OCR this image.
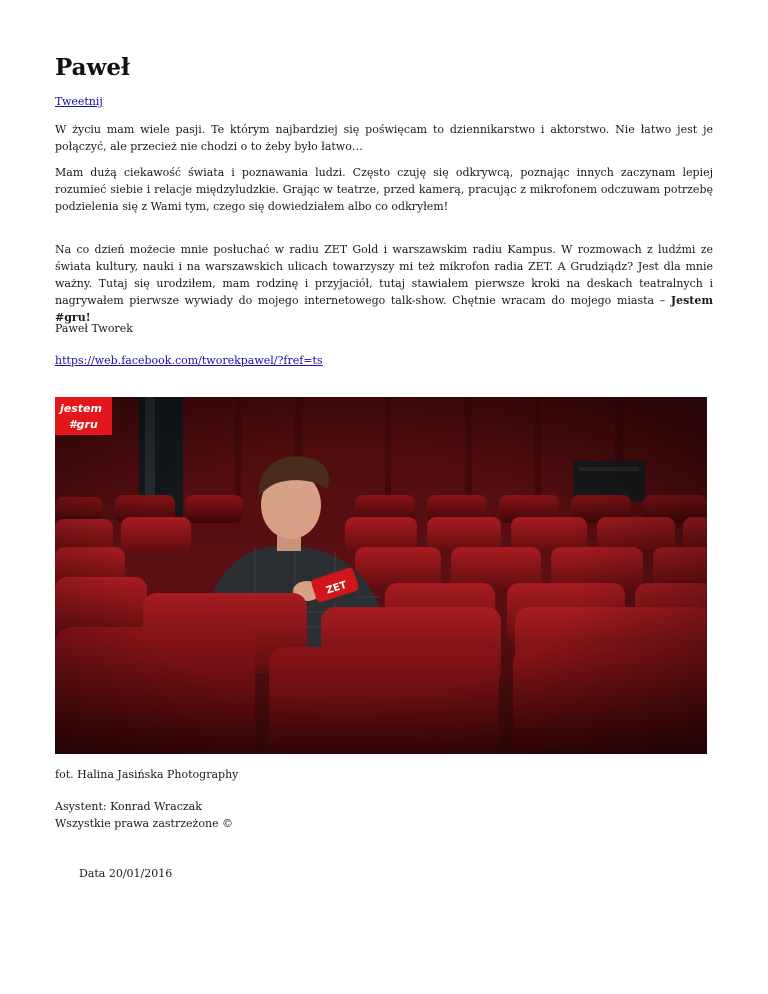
Paweł
Tweetnij

W życiu mam wiele pasji. Te którym najbardziej się poświęcam to dziennikarstwo i aktorstwo. Nie łatwo jest je połączyć, ale przecież nie chodzi o to żeby było łatwo…

Mam dużą ciekawość świata i poznawania ludzi. Często czuję się odkrywcą, poznając innych zaczynam lepiej rozumieć siebie i relacje międzyludzkie. Grając w teatrze, przed kamerą, pracując z mikrofonem odczuwam potrzebę podzielenia się z Wami tym, czego się dowiedziałem albo co odkryłem!

Na co dzień możecie mnie posłuchać w radiu ZET Gold i warszawskim radiu Kampus. W rozmowach z ludźmi ze świata kultury, nauki i na warszawskich ulicach towarzyszy mi też mikrofon radia ZET. A Grudziądz? Jest dla mnie ważny. Tutaj się urodziłem, mam rodzinę i przyjaciół, tutaj stawiałem pierwsze kroki na deskach teatralnych i nagrywałem pierwsze wywiady do mojego internetowego talk-show. Chętnie wracam do mojego miasta – Jestem #gru!

Paweł Tworek

https://web.facebook.com/tworekpawel/?fref=ts
jestem
#gru

fot. Halina Jasińska Photography

Asystent: Konrad Wraczak

Wszystkie prawa zastrzeżone ©

Data 20/01/2016
